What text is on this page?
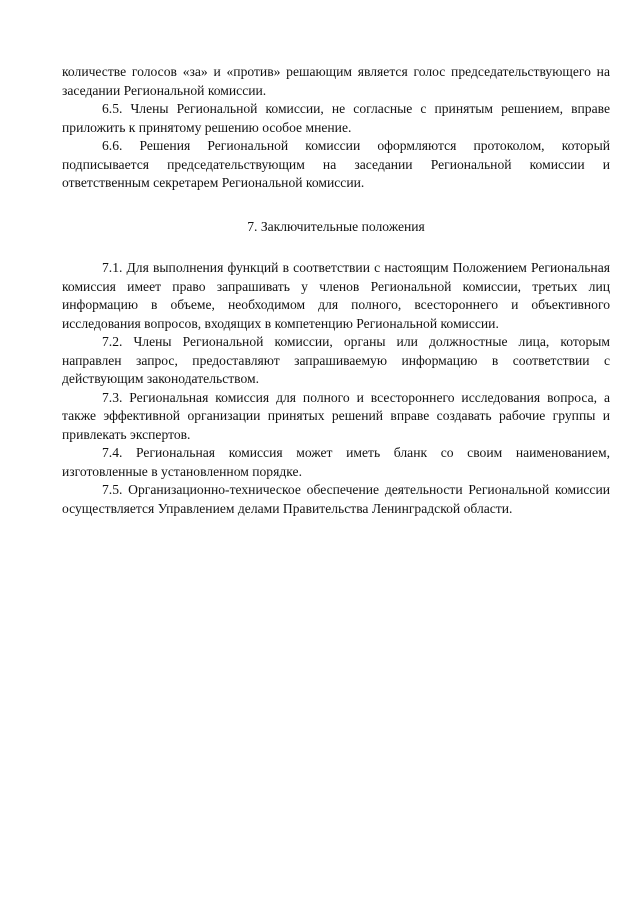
количестве голосов «за» и «против» решающим является голос председательствующего на заседании Региональной комиссии.

6.5. Члены Региональной комиссии, не согласные с принятым решением, вправе приложить к принятому решению особое мнение.

6.6. Решения Региональной комиссии оформляются протоколом, который подписывается председательствующим на заседании Региональной комиссии и ответственным секретарем Региональной комиссии.

7. Заключительные положения

7.1. Для выполнения функций в соответствии с настоящим Положением Региональная комиссия имеет право запрашивать у членов Региональной комиссии, третьих лиц информацию в объеме, необходимом для полного, всестороннего и объективного исследования вопросов, входящих в компетенцию Региональной комиссии.

7.2. Члены Региональной комиссии, органы или должностные лица, которым направлен запрос, предоставляют запрашиваемую информацию в соответствии с действующим законодательством.

7.3. Региональная комиссия для полного и всестороннего исследования вопроса, а также эффективной организации принятых решений вправе создавать рабочие группы и привлекать экспертов.

7.4. Региональная комиссия может иметь бланк со своим наименованием, изготовленные в установленном порядке.

7.5. Организационно-техническое обеспечение деятельности Региональной комиссии осуществляется Управлением делами Правительства Ленинградской области.
